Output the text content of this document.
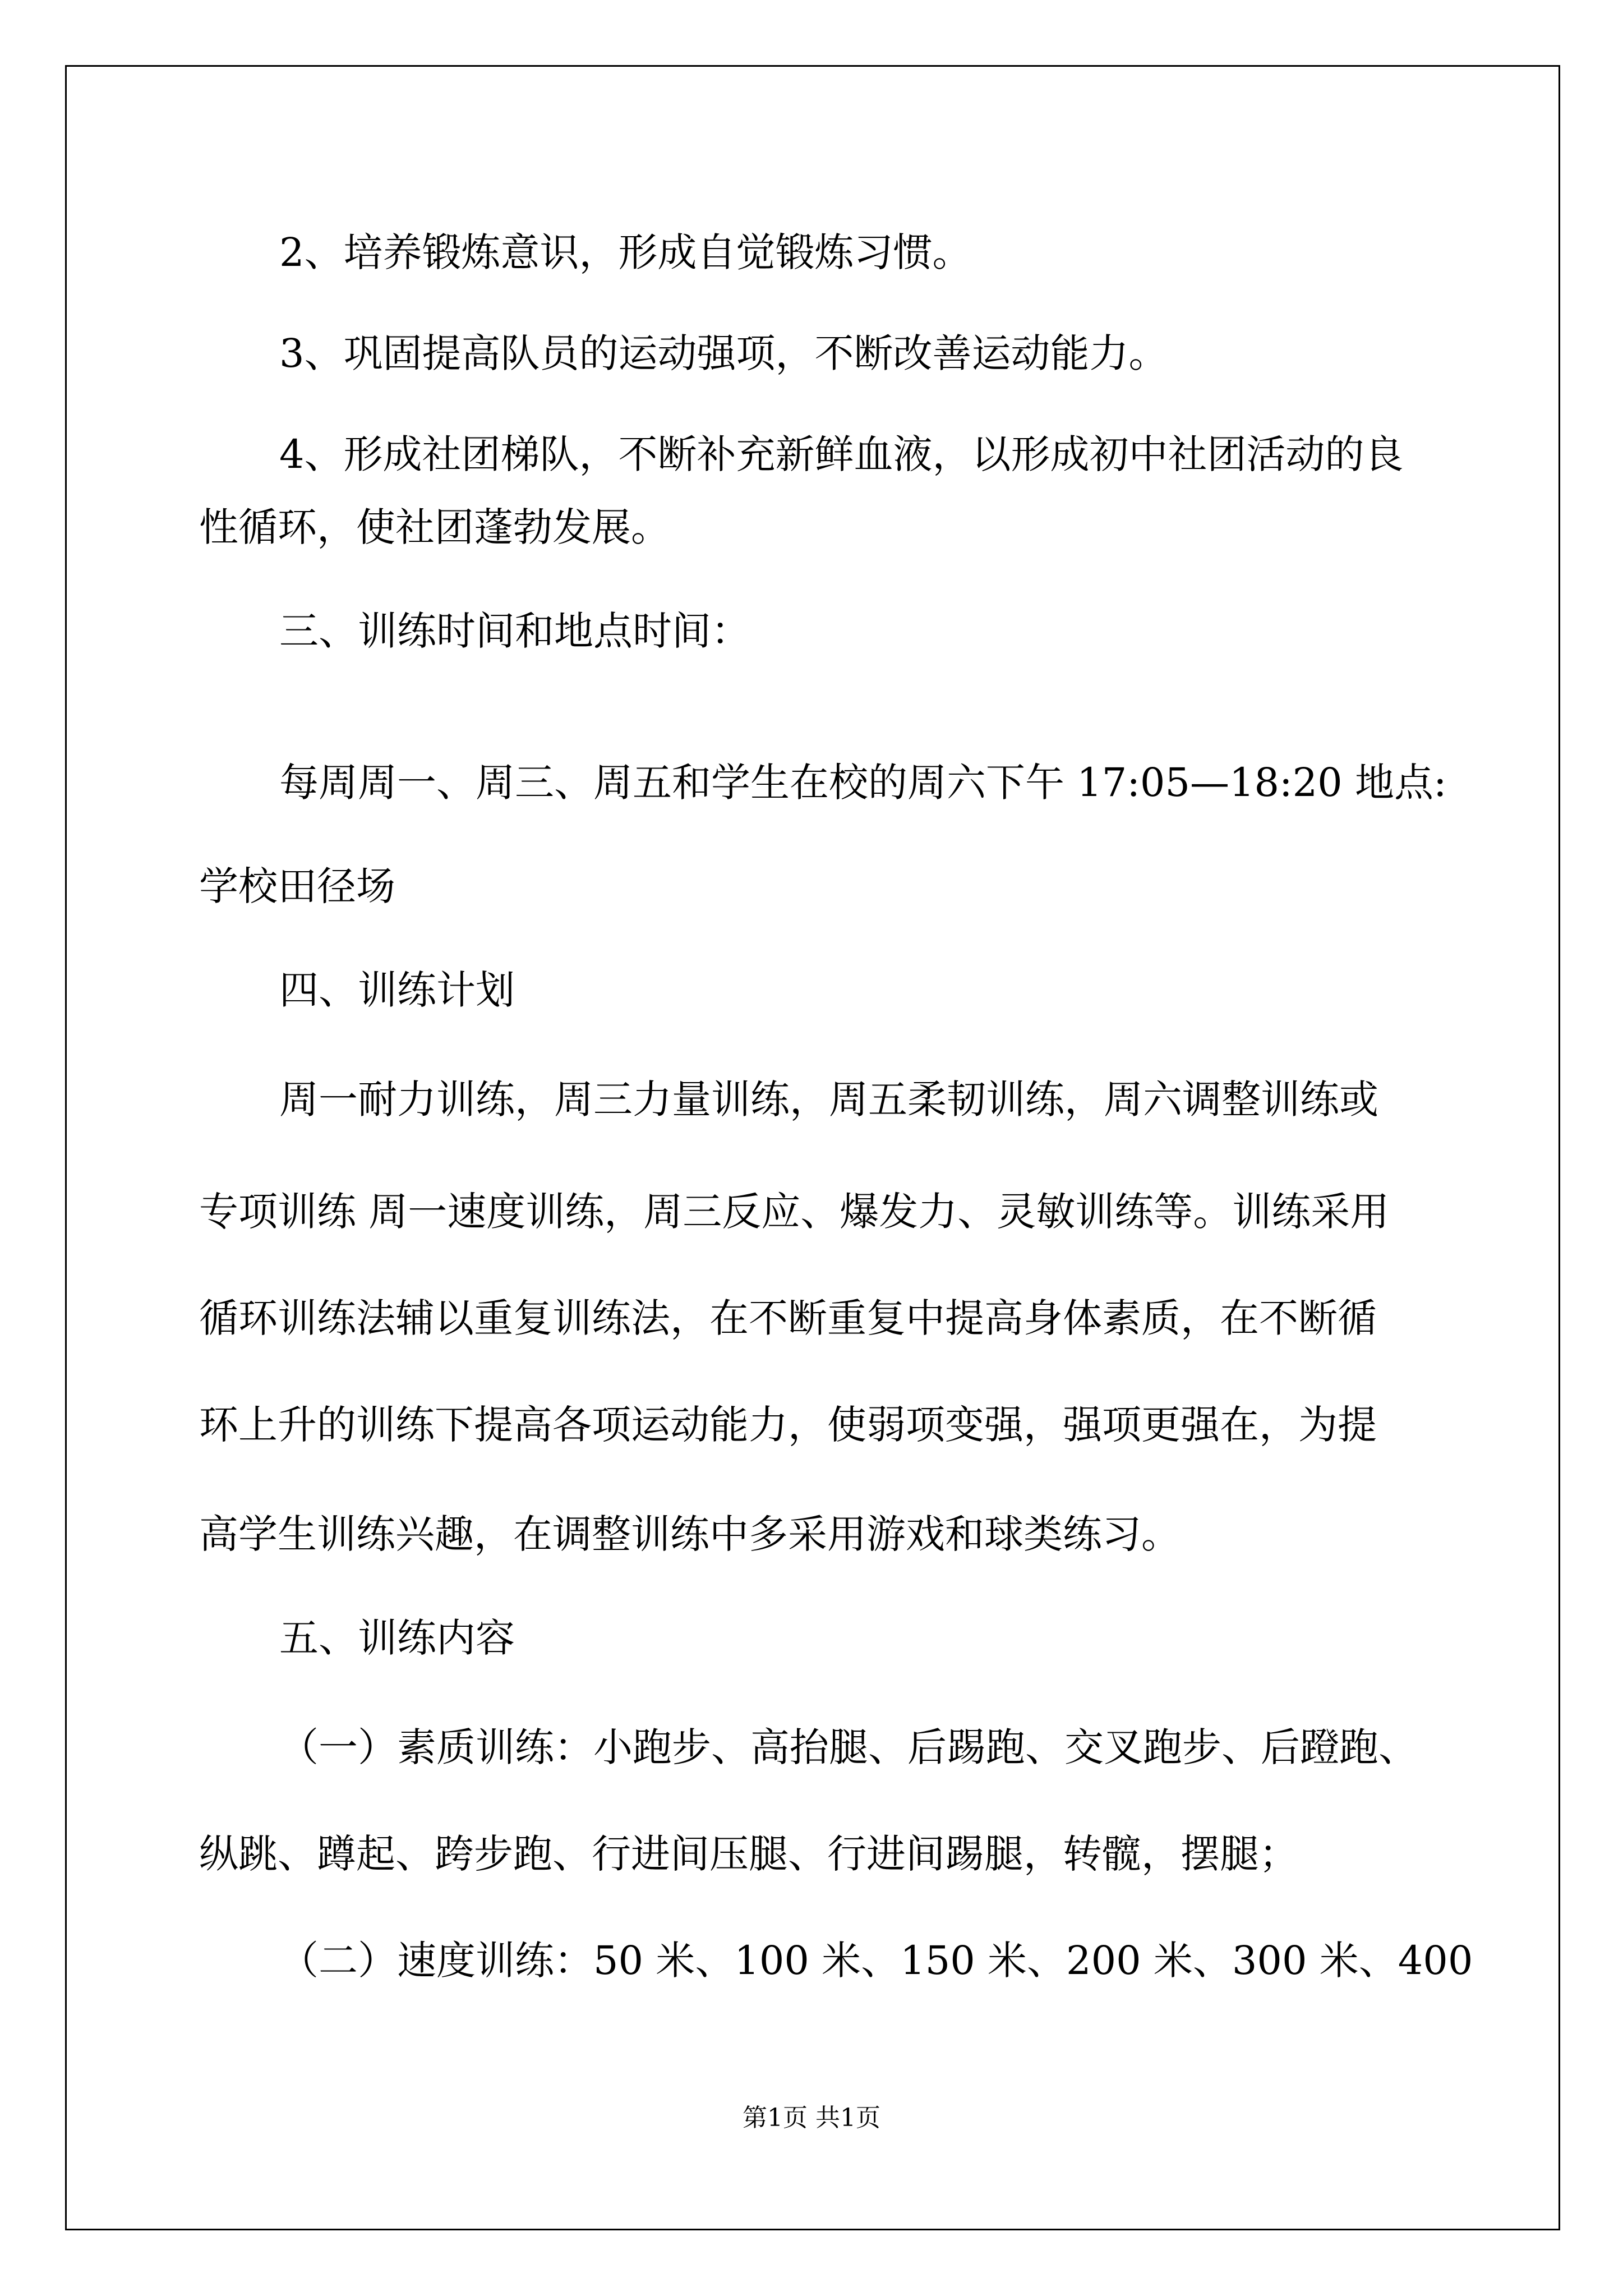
2、培养锻炼意识，形成自觉锻炼习惯。

3、巩固提高队员的运动强项，不断改善运动能力。

4、形成社团梯队，不断补充新鲜血液，以形成初中社团活动的良

性循环，使社团蓬勃发展。

三、训练时间和地点时间：

每周周一、周三、周五和学生在校的周六下午 17:05—18:20 地点:

学校田径场

四、训练计划

周一耐力训练，周三力量训练，周五柔韧训练，周六调整训练或

专项训练 周一速度训练，周三反应、爆发力、灵敏训练等。训练采用

循环训练法辅以重复训练法，在不断重复中提高身体素质，在不断循

环上升的训练下提高各项运动能力，使弱项变强，强项更强在，为提

高学生训练兴趣，在调整训练中多采用游戏和球类练习。

五、训练内容

（一）素质训练：小跑步、高抬腿、后踢跑、交叉跑步、后蹬跑、

纵跳、蹲起、跨步跑、行进间压腿、行进间踢腿，转髋，摆腿；

（二）速度训练：50 米、100 米、150 米、200 米、300 米、400

第1页 共1页
